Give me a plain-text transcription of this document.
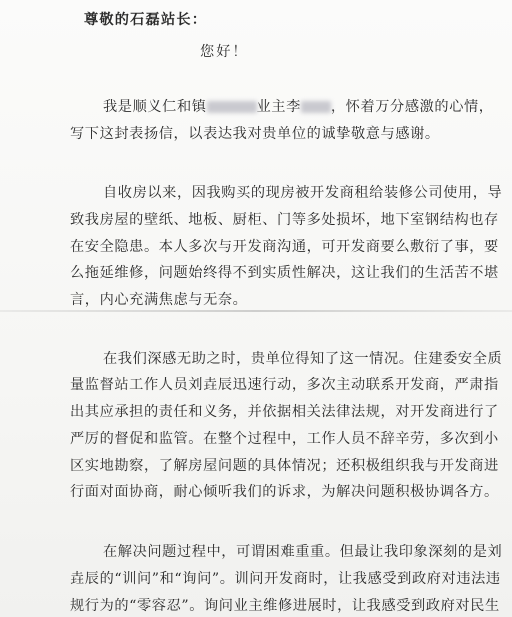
尊敬的石磊站长：
您好！
我是顺义仁和镇	业主李 ，怀着万分感激的心情，
写下这封表扬信，以表达我对贵单位的诚挚敬意与感谢。
自收房以来，因我购买的现房被开发商租给装修公司使用，导
致我房屋的壁纸、地板、厨柜、门等多处损坏，地下室钢结构也存
在安全隐患。本人多次与开发商沟通，可开发商要么敷衍了事，要
么拖延维修，问题始终得不到实质性解决，这让我们的生活苦不堪
言，内心充满焦虑与无奈。
在我们深感无助之时，贵单位得知了这一情况。住建委安全质
量监督站工作人员刘垚辰迅速行动，多次主动联系开发商，严肃指
出其应承担的责任和义务，并依据相关法律法规，对开发商进行了
严厉的督促和监管。在整个过程中，工作人员不辞辛劳，多次到小
区实地勘察，了解房屋问题的具体情况；还积极组织我与开发商进
行面对面协商，耐心倾听我们的诉求，为解决问题积极协调各方。
在解决问题过程中，可谓困难重重。但最让我印象深刻的是刘
垚辰的“训问”和“询问”。训问开发商时，让我感受到政府对违法违
规行为的“零容忍”。询问业主维修进展时，让我感受到政府对民生
